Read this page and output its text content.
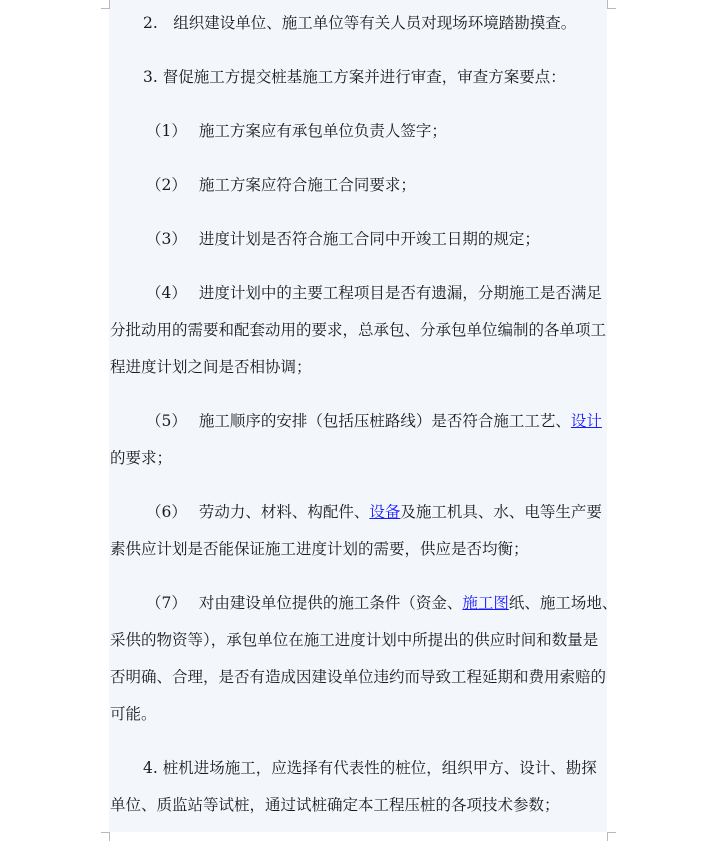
2.　组织建设单位、施工单位等有关人员对现场环境踏勘摸查。

3. 督促施工方提交桩基施工方案并进行审查，审查方案要点：

（1） 施工方案应有承包单位负责人签字；

（2） 施工方案应符合施工合同要求；

（3） 进度计划是否符合施工合同中开竣工日期的规定；

（4） 进度计划中的主要工程项目是否有遗漏，分期施工是否满足

分批动用的需要和配套动用的要求，总承包、分承包单位编制的各单项工

程进度计划之间是否相协调；

（5） 施工顺序的安排（包括压桩路线）是否符合施工工艺、设计

的要求；

（6） 劳动力、材料、构配件、设备及施工机具、水、电等生产要

素供应计划是否能保证施工进度计划的需要，供应是否均衡；

（7） 对由建设单位提供的施工条件（资金、施工图纸、施工场地、

采供的物资等），承包单位在施工进度计划中所提出的供应时间和数量是

否明确、合理，是否有造成因建设单位违约而导致工程延期和费用索赔的

可能。

4. 桩机进场施工，应选择有代表性的桩位，组织甲方、设计、勘探

单位、质监站等试桩，通过试桩确定本工程压桩的各项技术参数；
